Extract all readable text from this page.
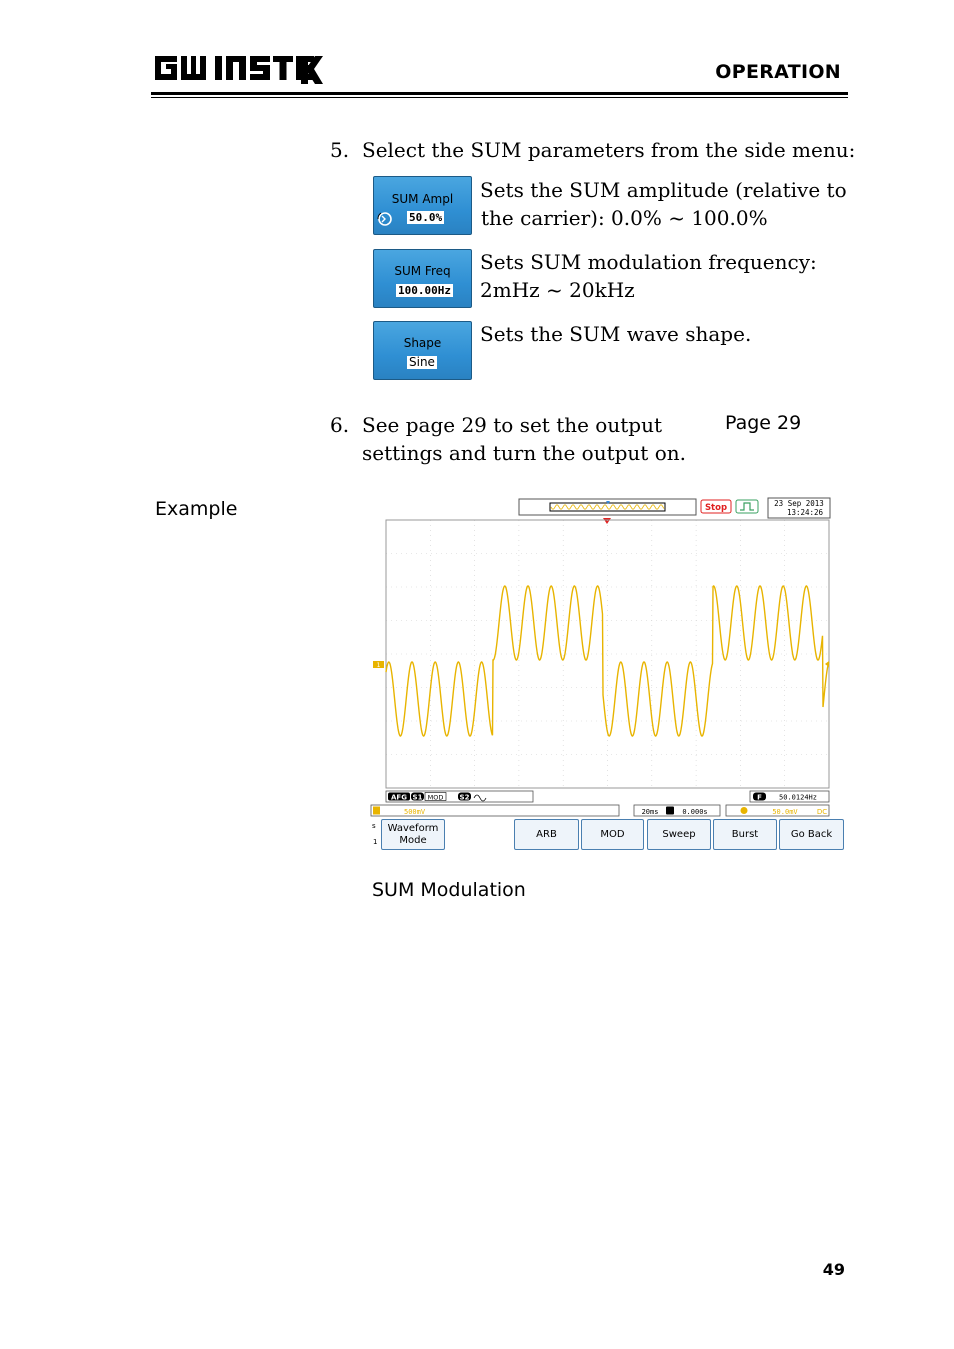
OPERATION
5. Select the SUM parameters from the side menu:
SUM Ampl
50.0%
Sets the SUM amplitude (relative to
the carrier): 0.0% ~ 100.0%
SUM Freq
100.00Hz
Sets SUM modulation frequency:
2mHz ~ 20kHz
Shape
Sine
Sets the SUM wave shape.
6. See page 29 to set the output
settings and turn the output on.
Page 29
Example	Stop	23 Sep 2013
13:24:26
1
AFG S1 MOD S2	F 50.0124Hz
500mV	20ms	0.000s	50.0mV	DC
s
1
Waveform
Mode
ARB	MOD	Sweep	Burst	Go Back
SUM Modulation
49
